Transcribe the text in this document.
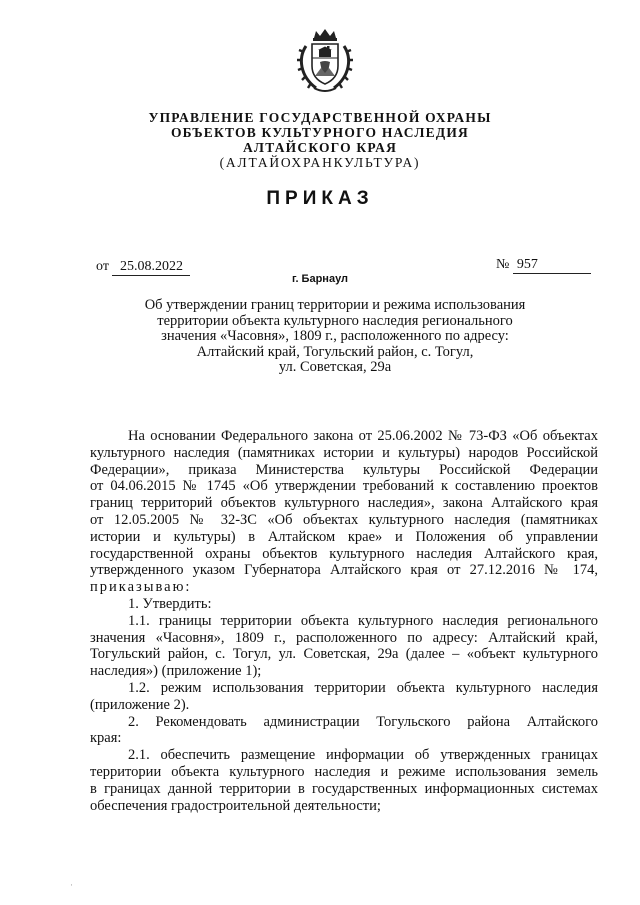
УПРАВЛЕНИЕ ГОСУДАРСТВЕННОЙ ОХРАНЫ
ОБЪЕКТОВ КУЛЬТУРНОГО НАСЛЕДИЯ
АЛТАЙСКОГО КРАЯ
(АЛТАЙОХРАНКУЛЬТУРА)
ПРИКАЗ
от 25.08.2022	№ 957
г. Барнаул
Об утверждении границ территории и режима использования
территории объекта культурного наследия регионального
значения «Часовня», 1809 г., расположенного по адресу:
Алтайский край, Тогульский район, с. Тогул,
ул. Советская, 29а
На основании Федерального закона от 25.06.2002 № 73-ФЗ «Об объектах
культурного наследия (памятниках истории и культуры) народов Российской
Федерации», приказа Министерства культуры Российской Федерации
от 04.06.2015 № 1745 «Об утверждении требований к составлению проектов
границ территорий объектов культурного наследия», закона Алтайского края
от 12.05.2005 № 32-ЗС «Об объектах культурного наследия (памятниках
истории и культуры) в Алтайском крае» и Положения об управлении
государственной охраны объектов культурного наследия Алтайского края,
утвержденного указом Губернатора Алтайского края от 27.12.2016 № 174,
приказываю:
1. Утвердить:
1.1. границы территории объекта культурного наследия регионального
значения «Часовня», 1809 г., расположенного по адресу: Алтайский край,
Тогульский район, с. Тогул, ул. Советская, 29а (далее – «объект культурного
наследия») (приложение 1);
1.2. режим использования территории объекта культурного наследия
(приложение 2).
2. Рекомендовать администрации Тогульского района Алтайского
края:
2.1. обеспечить размещение информации об утвержденных границах
территории объекта культурного наследия и режиме использования земель
в границах данной территории в государственных информационных системах
обеспечения градостроительной деятельности;
·
